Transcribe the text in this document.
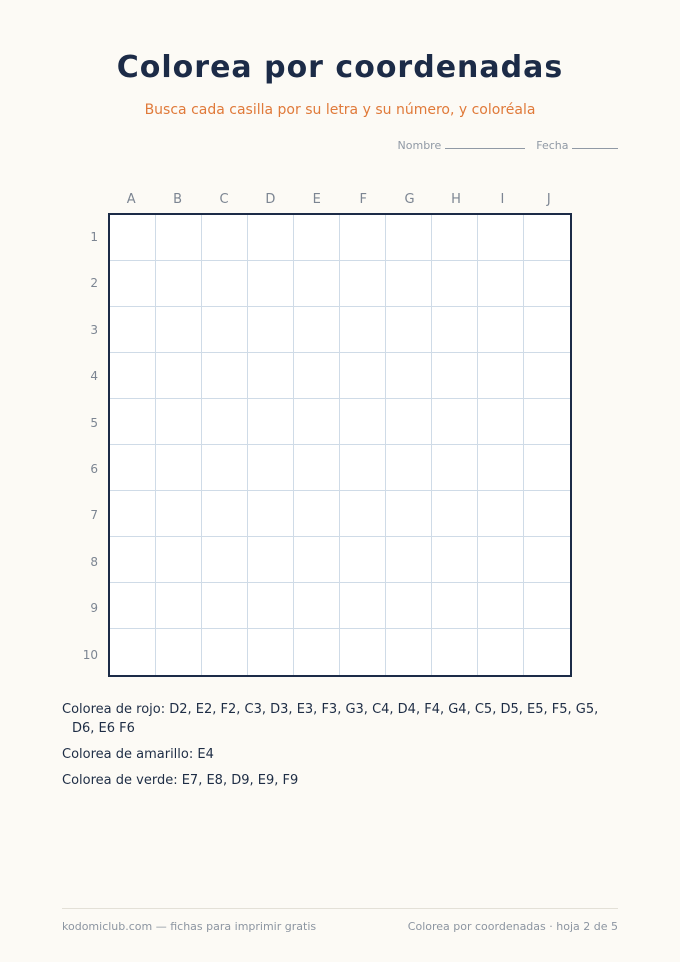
Colorea por coordenadas
Busca cada casilla por su letra y su número, y coloréala
Nombre	Fecha
A	B	C	D	E	F	G	H	I	J
1
2
3
4
5
6
7
8
9
10

Colorea de rojo: D2, E2, F2, C3, D3, E3, F3, G3, C4, D4, F4, G4, C5, D5, E5, F5, G5, D6, E6 F6

Colorea de amarillo: E4

Colorea de verde: E7, E8, D9, E9, F9

kodomiclub.com — fichas para imprimir gratis	Colorea por coordenadas · hoja 2 de 5
